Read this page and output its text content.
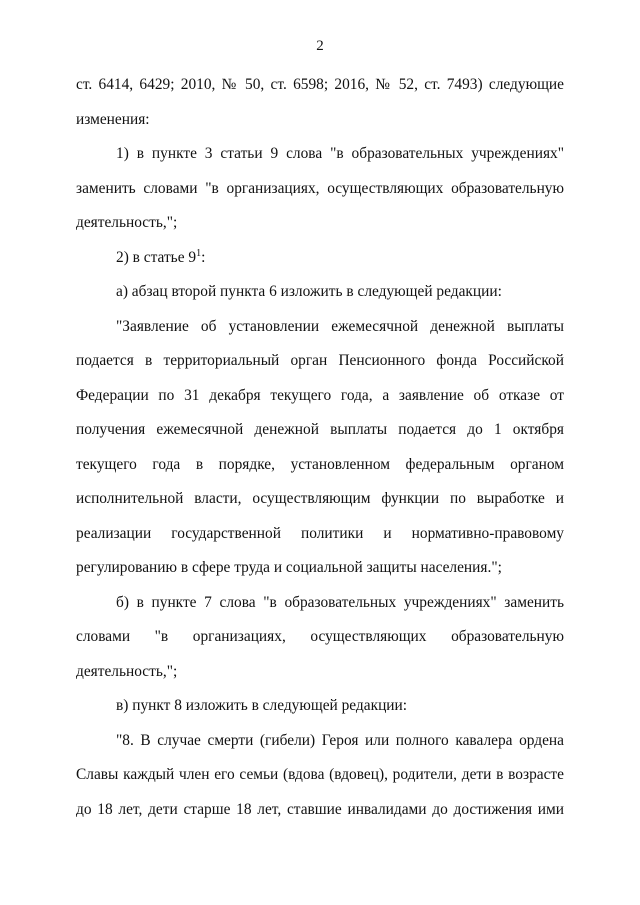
2
ст. 6414, 6429; 2010, № 50, ст. 6598; 2016, № 52, ст. 7493) следующие
изменения:
1) в пункте 3 статьи 9 слова "в образовательных учреждениях"
заменить словами "в организациях, осуществляющих образовательную
деятельность,";
2) в статье $9^1$:
а) абзац второй пункта 6 изложить в следующей редакции:
"Заявление об установлении ежемесячной денежной выплаты
подается в территориальный орган Пенсионного фонда Российской
Федерации по 31 декабря текущего года, а заявление об отказе от
получения ежемесячной денежной выплаты подается до 1 октября
текущего года в порядке, установленном федеральным органом
исполнительной власти, осуществляющим функции по выработке и
реализации государственной политики и нормативно-правовому
регулированию в сфере труда и социальной защиты населения.";
б) в пункте 7 слова "в образовательных учреждениях" заменить
словами "в организациях, осуществляющих образовательную
деятельность,";
в) пункт 8 изложить в следующей редакции:
"8. В случае смерти (гибели) Героя или полного кавалера ордена
Славы каждый член его семьи (вдова (вдовец), родители, дети в возрасте
до 18 лет, дети старше 18 лет, ставшие инвалидами до достижения ими
